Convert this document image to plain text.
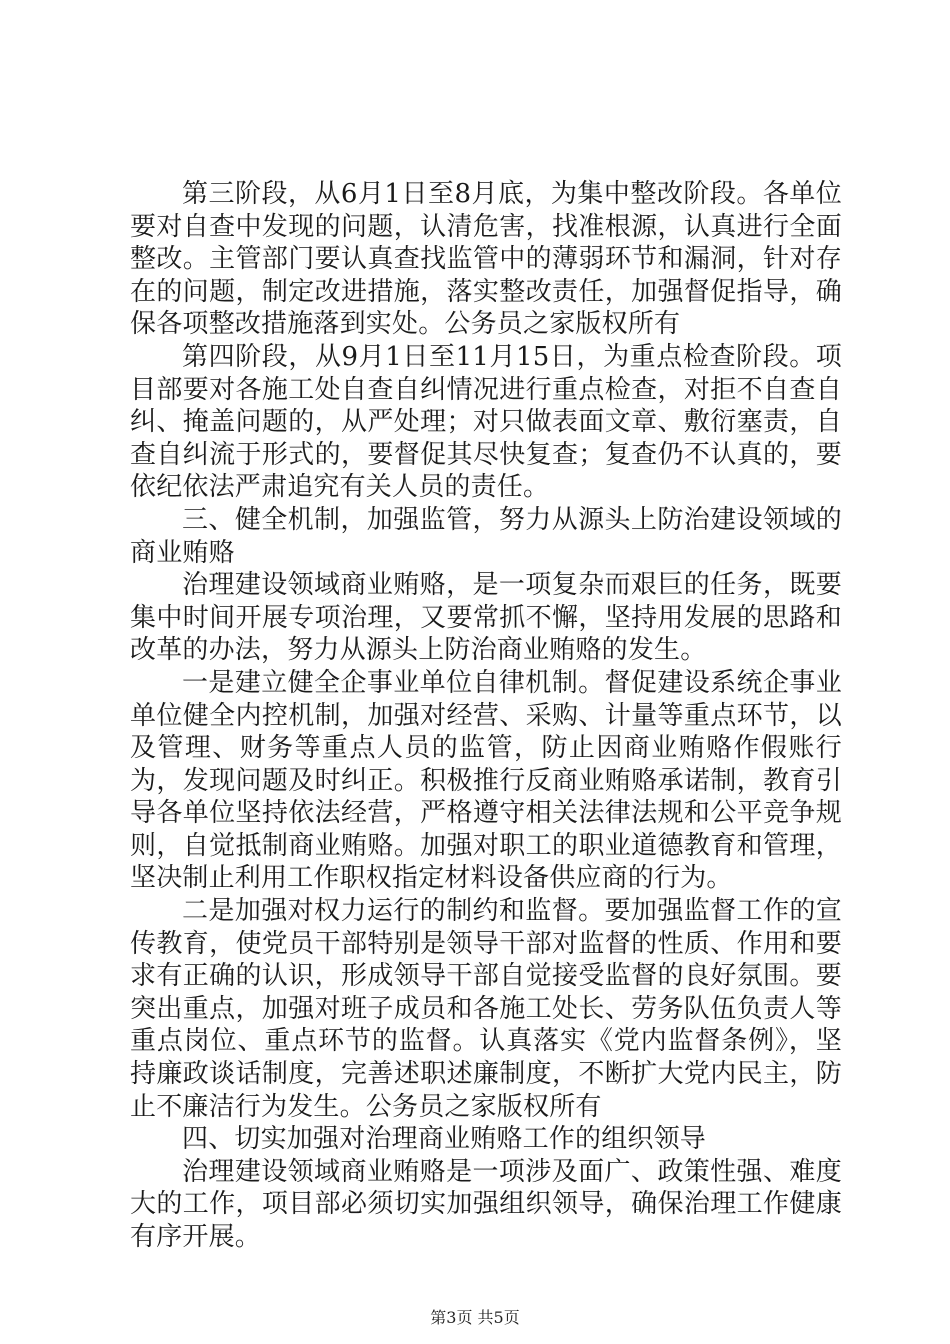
第三阶段，从6月1日至8月底，为集中整改阶段。各单位要对自查中发现的问题，认清危害，找准根源，认真进行全面整改。主管部门要认真查找监管中的薄弱环节和漏洞，针对存在的问题，制定改进措施，落实整改责任，加强督促指导，确保各项整改措施落到实处。公务员之家版权所有

第四阶段，从9月1日至11月15日，为重点检查阶段。项目部要对各施工处自查自纠情况进行重点检查，对拒不自查自纠、掩盖问题的，从严处理；对只做表面文章、敷衍塞责，自查自纠流于形式的，要督促其尽快复查；复查仍不认真的，要依纪依法严肃追究有关人员的责任。

三、健全机制，加强监管，努力从源头上防治建设领域的商业贿赂

治理建设领域商业贿赂，是一项复杂而艰巨的任务，既要集中时间开展专项治理，又要常抓不懈，坚持用发展的思路和改革的办法，努力从源头上防治商业贿赂的发生。

一是建立健全企事业单位自律机制。督促建设系统企事业单位健全内控机制，加强对经营、采购、计量等重点环节，以及管理、财务等重点人员的监管，防止因商业贿赂作假账行为，发现问题及时纠正。积极推行反商业贿赂承诺制，教育引导各单位坚持依法经营，严格遵守相关法律法规和公平竞争规则，自觉抵制商业贿赂。加强对职工的职业道德教育和管理，坚决制止利用工作职权指定材料设备供应商的行为。

二是加强对权力运行的制约和监督。要加强监督工作的宣传教育，使党员干部特别是领导干部对监督的性质、作用和要求有正确的认识，形成领导干部自觉接受监督的良好氛围。要突出重点，加强对班子成员和各施工处长、劳务队伍负责人等重点岗位、重点环节的监督。认真落实《党内监督条例》，坚持廉政谈话制度，完善述职述廉制度，不断扩大党内民主，防止不廉洁行为发生。公务员之家版权所有

四、切实加强对治理商业贿赂工作的组织领导

治理建设领域商业贿赂是一项涉及面广、政策性强、难度大的工作，项目部必须切实加强组织领导，确保治理工作健康有序开展。

第3页 共5页
